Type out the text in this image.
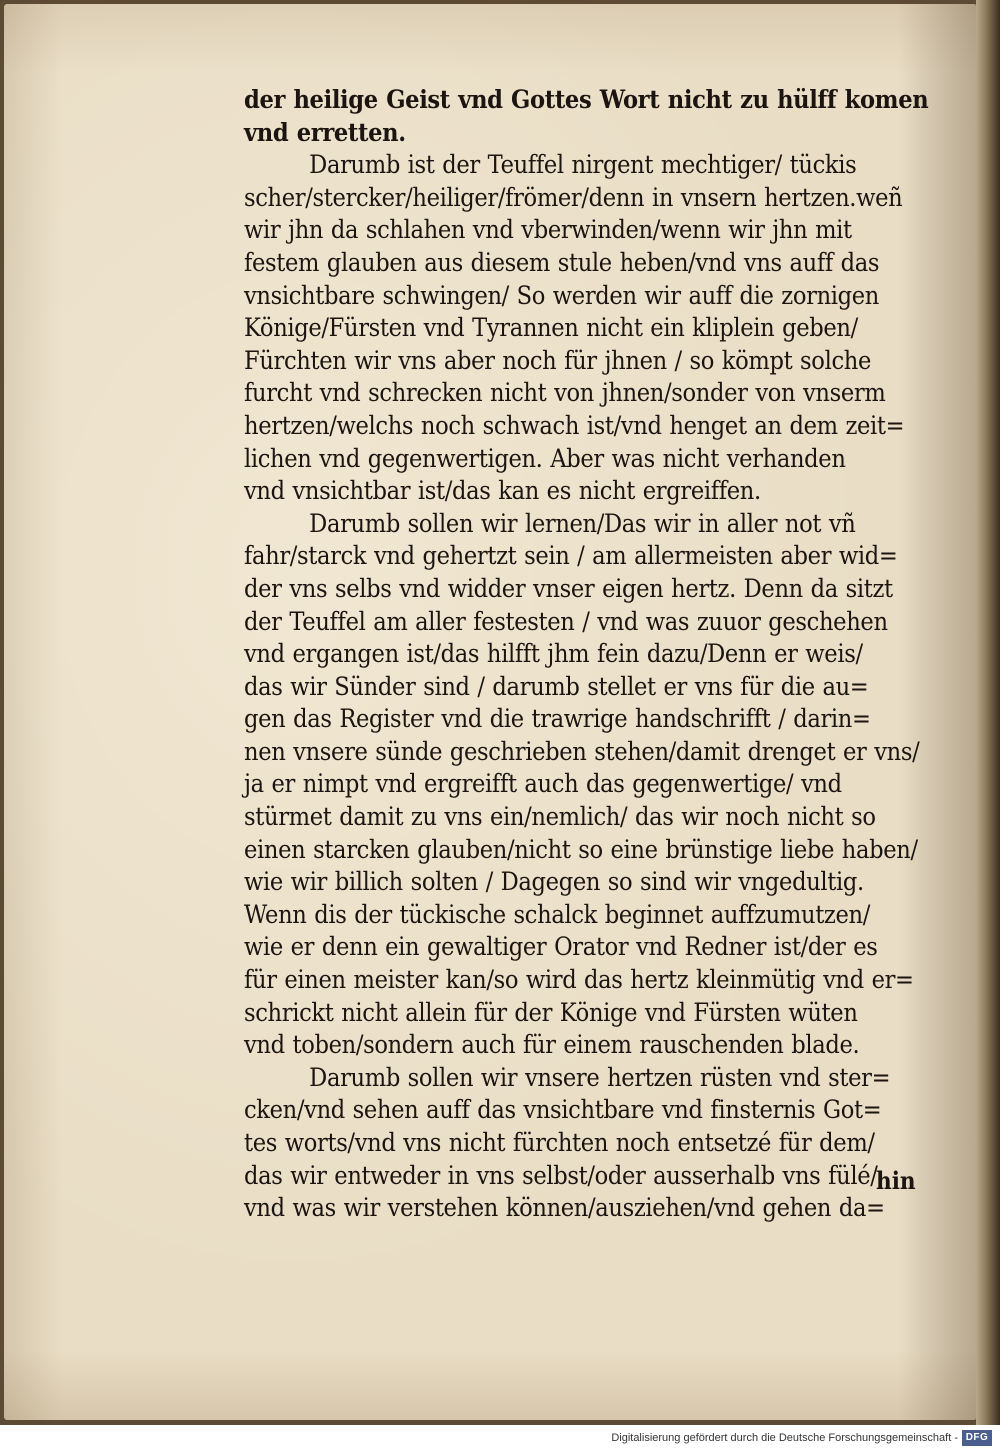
der heilige Geist vnd Gottes Wort nicht zu hülff komen
vnd erretten.
Darumb ist der Teuffel nirgent mechtiger/ tückis
scher/stercker/heiliger/frömer/denn in vnsern hertzen.weñ
wir jhn da schlahen vnd vberwinden/wenn wir jhn mit
festem glauben aus diesem stule heben/vnd vns auff das
vnsichtbare schwingen/ So werden wir auff die zornigen
Könige/Fürsten vnd Tyrannen nicht ein kliplein geben/
Fürchten wir vns aber noch für jhnen / so kömpt solche
furcht vnd schrecken nicht von jhnen/sonder von vnserm
hertzen/welchs noch schwach ist/vnd henget an dem zeit=
lichen vnd gegenwertigen. Aber was nicht verhanden
vnd vnsichtbar ist/das kan es nicht ergreiffen.
Darumb sollen wir lernen/Das wir in aller not vñ
fahr/starck vnd gehertzt sein / am allermeisten aber wid=
der vns selbs vnd widder vnser eigen hertz. Denn da sitzt
der Teuffel am aller festesten / vnd was zuuor geschehen
vnd ergangen ist/das hilfft jhm fein dazu/Denn er weis/
das wir Sünder sind / darumb stellet er vns für die au=
gen das Register vnd die trawrige handschrifft / darin=
nen vnsere sünde geschrieben stehen/damit drenget er vns/
ja er nimpt vnd ergreifft auch das gegenwertige/ vnd
stürmet damit zu vns ein/nemlich/ das wir noch nicht so
einen starcken glauben/nicht so eine brünstige liebe haben/
wie wir billich solten / Dagegen so sind wir vngedultig.
Wenn dis der tückische schalck beginnet auffzumutzen/
wie er denn ein gewaltiger Orator vnd Redner ist/der es
für einen meister kan/so wird das hertz kleinmütig vnd er=
schrickt nicht allein für der Könige vnd Fürsten wüten
vnd toben/sondern auch für einem rauschenden blade.
Darumb sollen wir vnsere hertzen rüsten vnd ster=
cken/vnd sehen auff das vnsichtbare vnd finsternis Got=
tes worts/vnd vns nicht fürchten noch entsetzé für dem/
das wir entweder in vns selbst/oder ausserhalb vns fülé/
vnd was wir verstehen können/ausziehen/vnd gehen da=
hin
Digitalisierung gefördert durch die Deutsche Forschungsgemeinschaft - DFG
